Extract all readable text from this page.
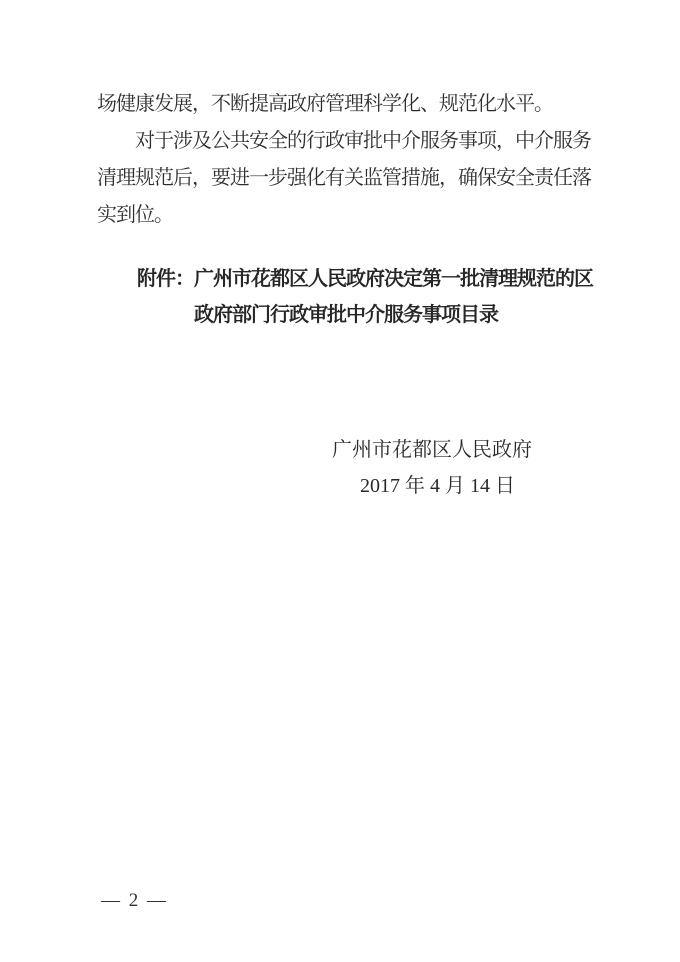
场健康发展，不断提高政府管理科学化、规范化水平。
对于涉及公共安全的行政审批中介服务事项，中介服务
清理规范后，要进一步强化有关监管措施，确保安全责任落
实到位。
附件：广州市花都区人民政府决定第一批清理规范的区
政府部门行政审批中介服务事项目录
广州市花都区人民政府
2017 年 4 月 14 日
— 2 —
